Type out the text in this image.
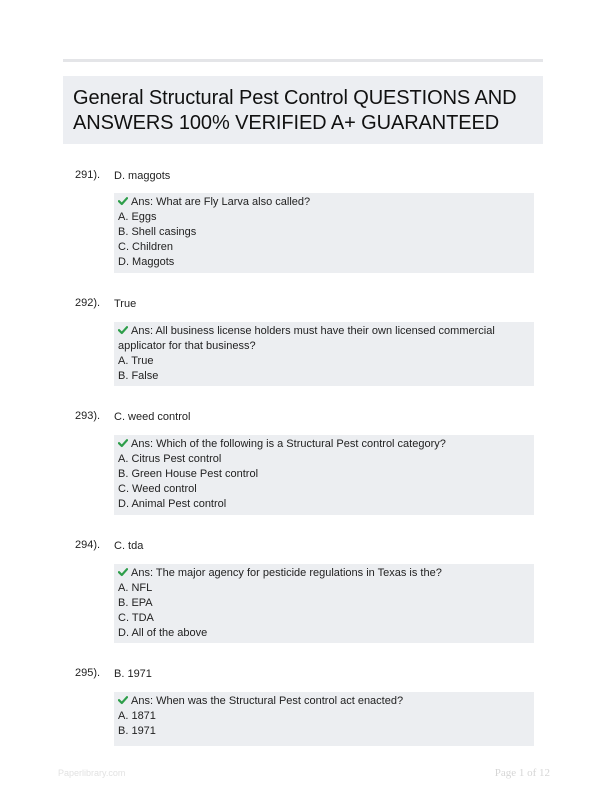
General Structural Pest Control QUESTIONS AND ANSWERS 100% VERIFIED A+ GUARANTEED
291). D. maggots
Ans: What are Fly Larva also called?
A. Eggs
B. Shell casings
C. Children
D. Maggots
292). True
Ans: All business license holders must have their own licensed commercial
applicator for that business?
A. True
B. False
293). C. weed control
Ans: Which of the following is a Structural Pest control category?
A. Citrus Pest control
B. Green House Pest control
C. Weed control
D. Animal Pest control
294). C. tda
Ans: The major agency for pesticide regulations in Texas is the?
A. NFL
B. EPA
C. TDA
D. All of the above
295). B. 1971
Ans: When was the Structural Pest control act enacted?
A. 1871
B. 1971
Paperlibrary.com	Page 1 of 12
